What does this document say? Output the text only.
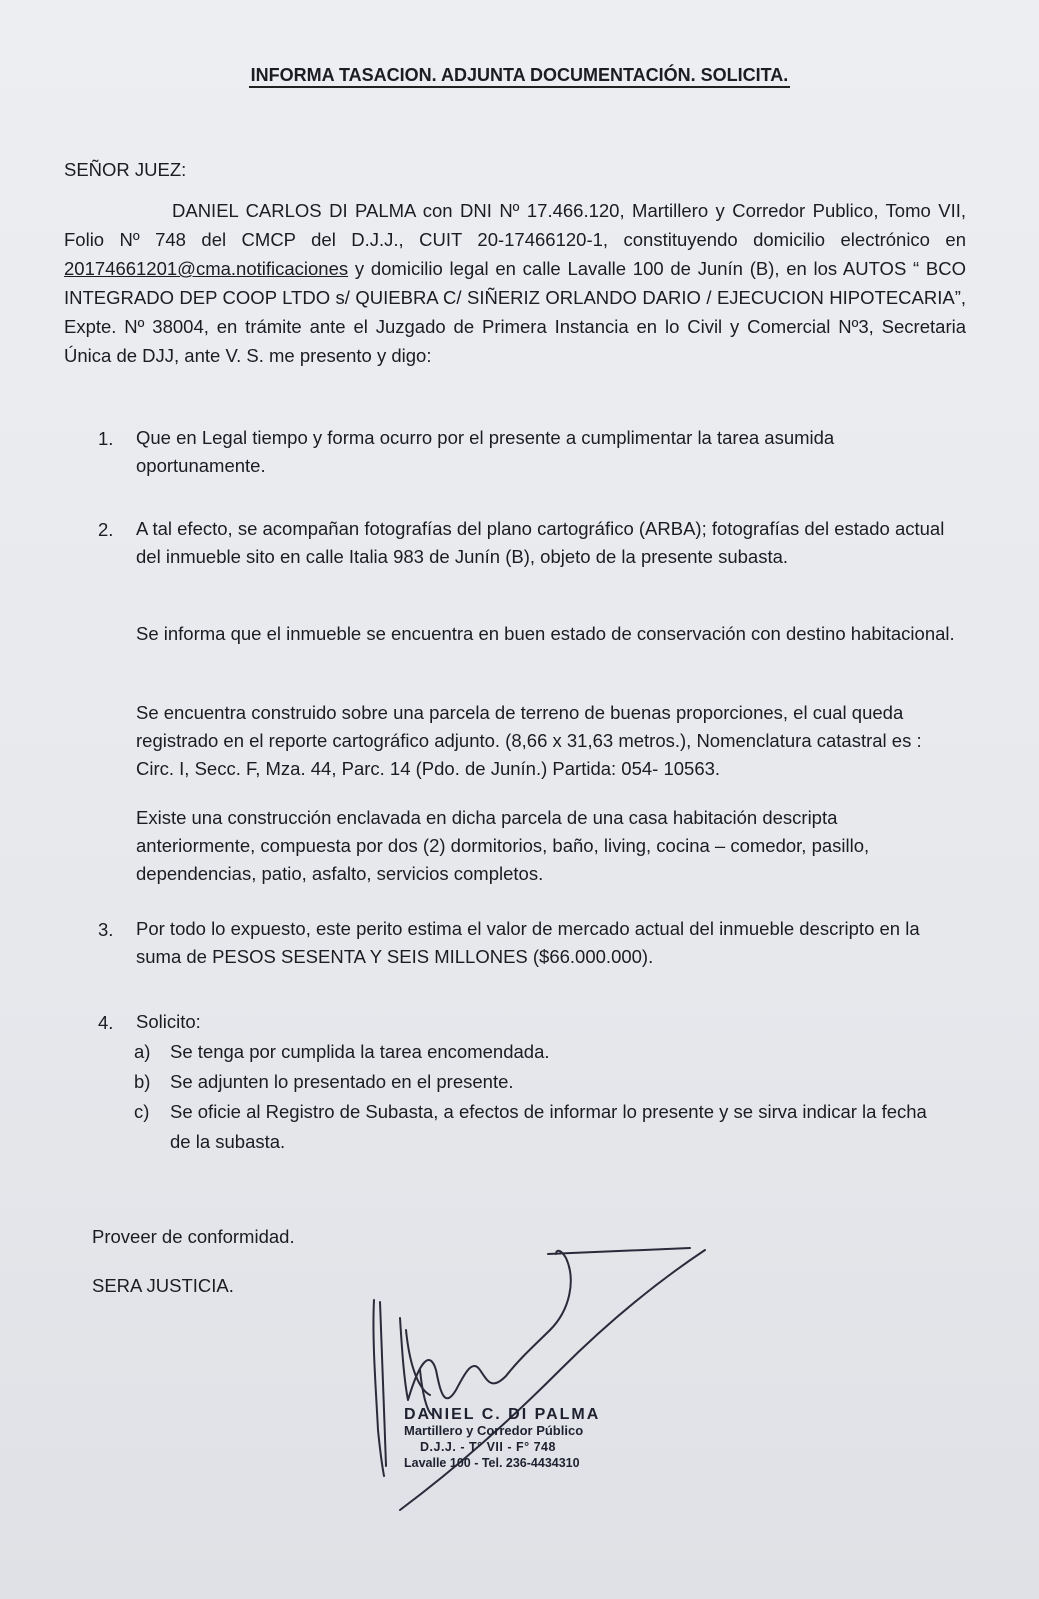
INFORMA TASACION. ADJUNTA DOCUMENTACIÓN. SOLICITA.
SEÑOR JUEZ:

DANIEL CARLOS DI PALMA con DNI Nº 17.466.120, Martillero y Corredor Publico, Tomo VII, Folio Nº 748 del CMCP del D.J.J., CUIT 20-17466120-1, constituyendo domicilio electrónico en 20174661201@cma.notificaciones y domicilio legal en calle Lavalle 100 de Junín (B), en los AUTOS “ BCO INTEGRADO DEP COOP LTDO s/ QUIEBRA C/ SIÑERIZ ORLANDO DARIO / EJECUCION HIPOTECARIA”, Expte. Nº 38004, en trámite ante el Juzgado de Primera Instancia en lo Civil y Comercial Nº3, Secretaria Única de DJJ, ante V. S. me presento y digo:

1. Que en Legal tiempo y forma ocurro por el presente a cumplimentar la tarea asumida oportunamente.
2. A tal efecto, se acompañan fotografías del plano cartográfico (ARBA); fotografías del estado actual del inmueble sito en calle Italia 983 de Junín (B), objeto de la presente subasta.

Se informa que el inmueble se encuentra en buen estado de conservación con destino habitacional.

Se encuentra construido sobre una parcela de terreno de buenas proporciones, el cual queda registrado en el reporte cartográfico adjunto. (8,66 x 31,63 metros.), Nomenclatura catastral es : Circ. I, Secc. F, Mza. 44, Parc. 14 (Pdo. de Junín.) Partida: 054- 10563.

Existe una construcción enclavada en dicha parcela de una casa habitación descripta anteriormente, compuesta por dos (2) dormitorios, baño, living, cocina – comedor, pasillo, dependencias, patio, asfalto, servicios completos.

3. Por todo lo expuesto, este perito estima el valor de mercado actual del inmueble descripto en la suma de PESOS SESENTA Y SEIS MILLONES ($66.000.000).
4. Solicito:
a) Se tenga por cumplida la tarea encomendada.
b) Se adjunten lo presentado en el presente.
c) Se oficie al Registro de Subasta, a efectos de informar lo presente y se sirva indicar la fecha de la subasta.
Proveer de conformidad.
SERA JUSTICIA.
DANIEL C. DI PALMA
Martillero y Corredor Público
D.J.J. - T° VII - F° 748
Lavalle 100 - Tel. 236-4434310
